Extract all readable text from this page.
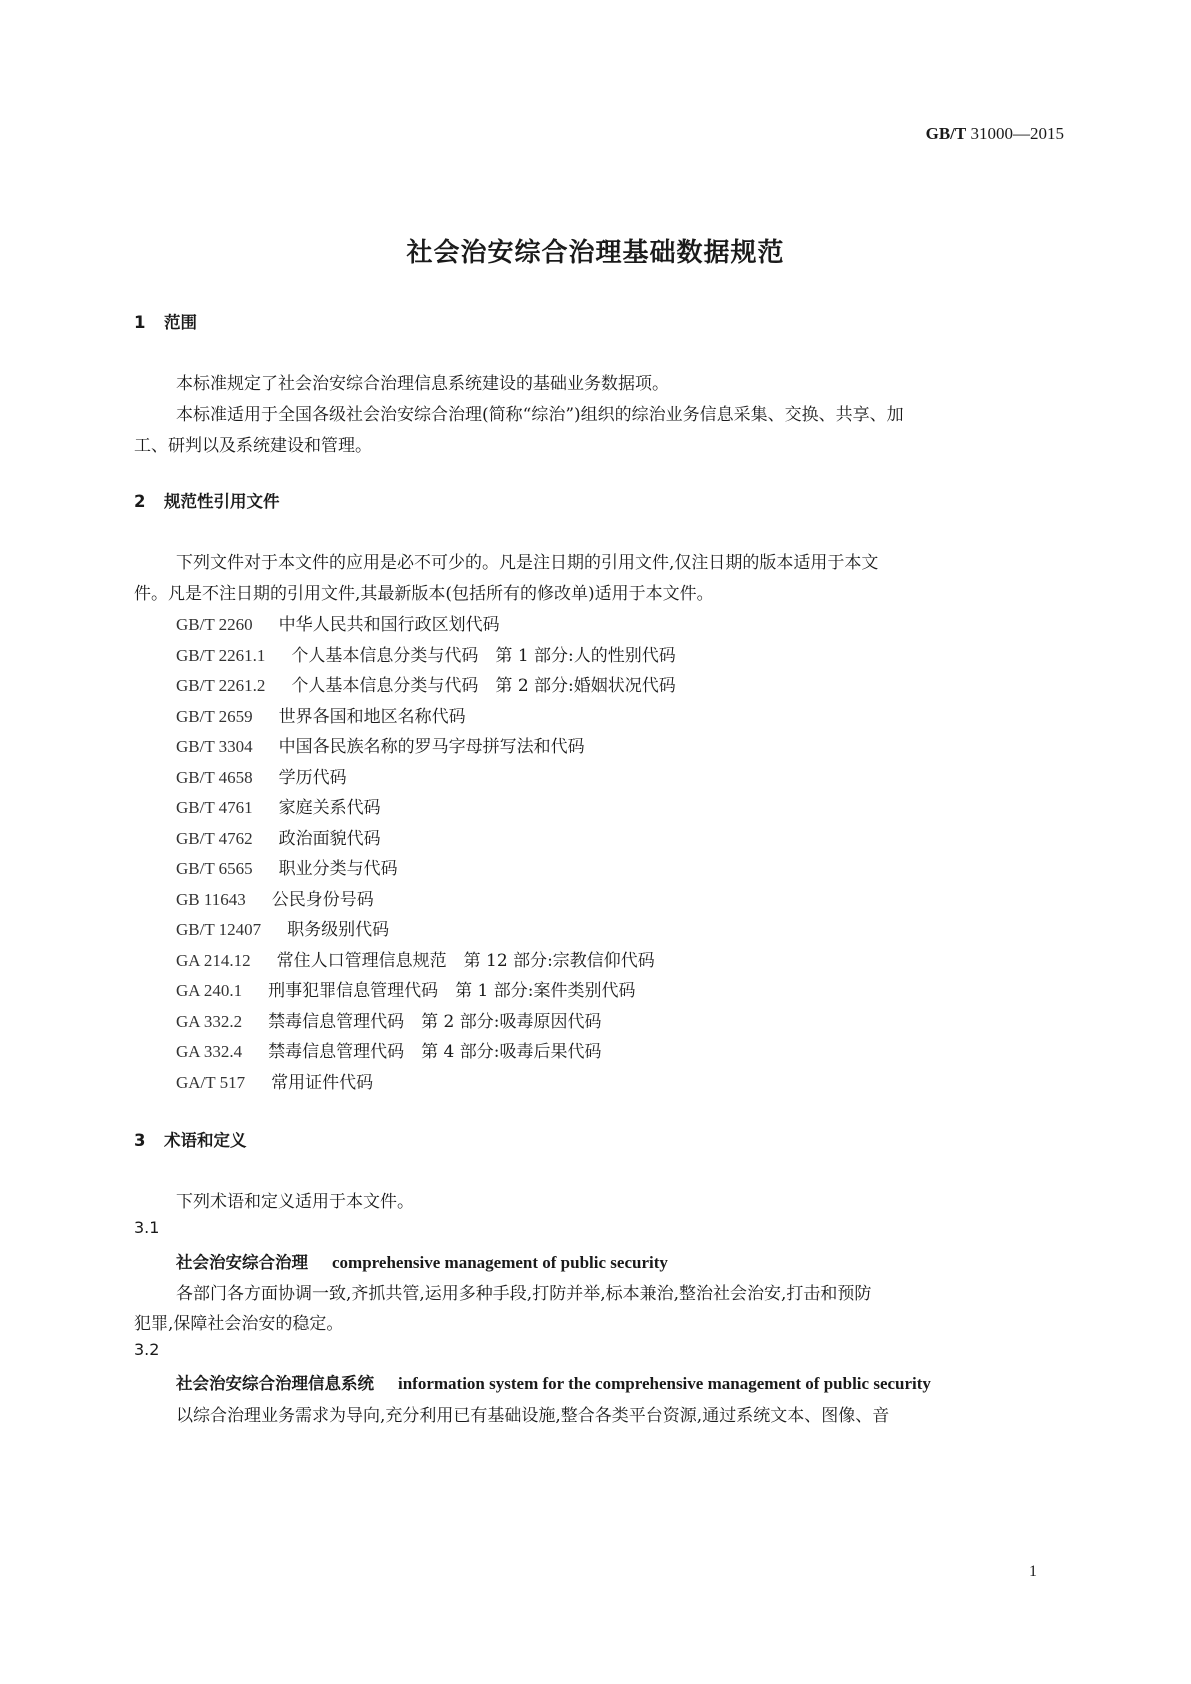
GB/T 31000—2015
社会治安综合治理基础数据规范
1 范围
本标准规定了社会治安综合治理信息系统建设的基础业务数据项。
本标准适用于全国各级社会治安综合治理(简称“综治”)组织的综治业务信息采集、交换、共享、加
工、研判以及系统建设和管理。
2 规范性引用文件
下列文件对于本文件的应用是必不可少的。凡是注日期的引用文件,仅注日期的版本适用于本文
件。凡是不注日期的引用文件,其最新版本(包括所有的修改单)适用于本文件。
GB/T 2260 中华人民共和国行政区划代码
GB/T 2261.1 个人基本信息分类与代码　第 1 部分:人的性别代码
GB/T 2261.2 个人基本信息分类与代码　第 2 部分:婚姻状况代码
GB/T 2659 世界各国和地区名称代码
GB/T 3304 中国各民族名称的罗马字母拼写法和代码
GB/T 4658 学历代码
GB/T 4761 家庭关系代码
GB/T 4762 政治面貌代码
GB/T 6565 职业分类与代码
GB 11643 公民身份号码
GB/T 12407 职务级别代码
GA 214.12 常住人口管理信息规范　第 12 部分:宗教信仰代码
GA 240.1 刑事犯罪信息管理代码　第 1 部分:案件类别代码
GA 332.2 禁毒信息管理代码　第 2 部分:吸毒原因代码
GA 332.4 禁毒信息管理代码　第 4 部分:吸毒后果代码
GA/T 517 常用证件代码
3 术语和定义
下列术语和定义适用于本文件。
3.1
社会治安综合治理 comprehensive management of public security
各部门各方面协调一致,齐抓共管,运用多种手段,打防并举,标本兼治,整治社会治安,打击和预防
犯罪,保障社会治安的稳定。
3.2
社会治安综合治理信息系统 information system for the comprehensive management of public security
以综合治理业务需求为导向,充分利用已有基础设施,整合各类平台资源,通过系统文本、图像、音
1
